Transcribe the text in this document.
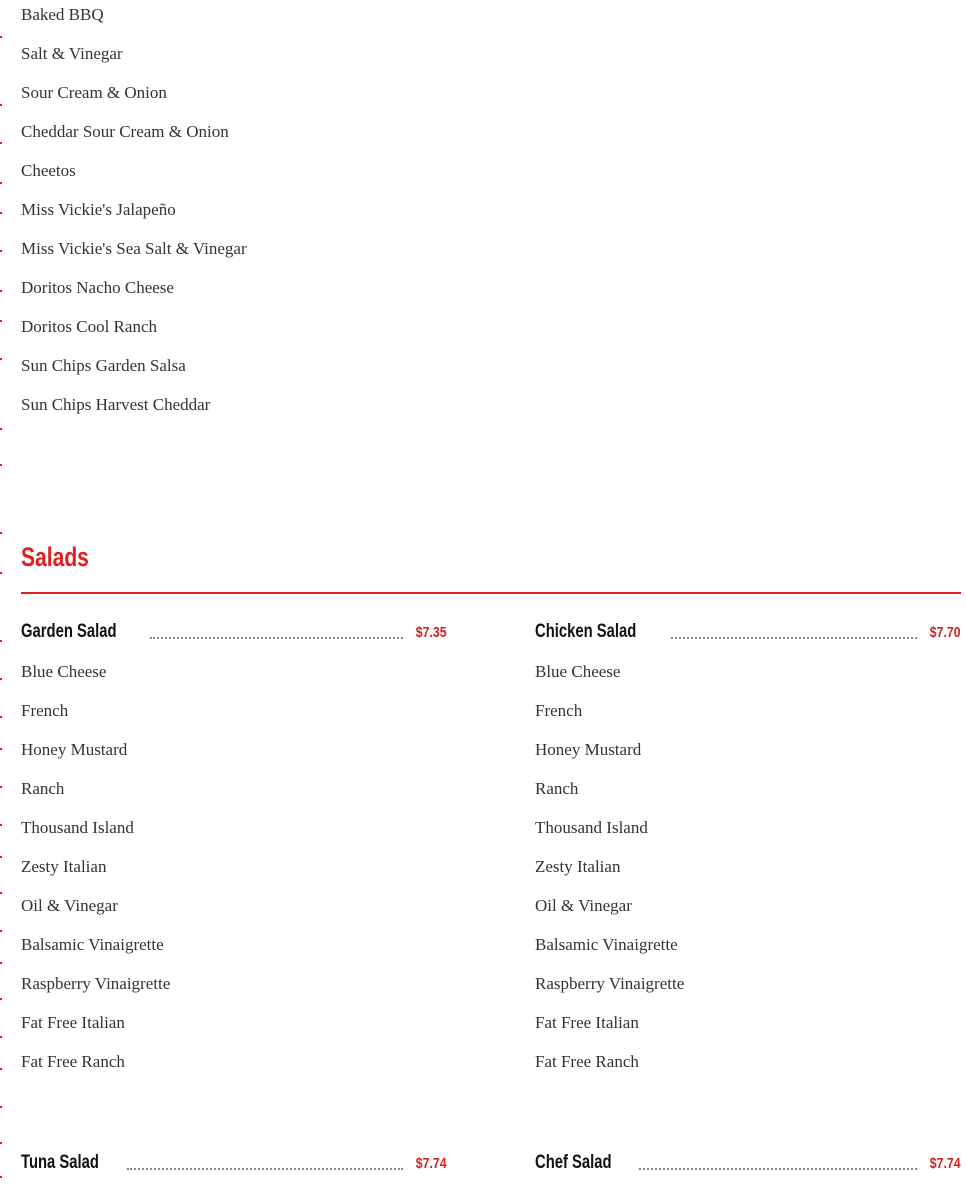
Baked BBQ
Salt & Vinegar
Sour Cream & Onion
Cheddar Sour Cream & Onion
Cheetos
Miss Vickie's Jalapeño
Miss Vickie's Sea Salt & Vinegar
Doritos Nacho Cheese
Doritos Cool Ranch
Sun Chips Garden Salsa
Sun Chips Harvest Cheddar
Salads
Garden Salad	$7.35
Blue Cheese
French
Honey Mustard
Ranch
Thousand Island
Zesty Italian
Oil & Vinegar
Balsamic Vinaigrette
Raspberry Vinaigrette
Fat Free Italian
Fat Free Ranch
Chicken Salad	$7.70
Blue Cheese
French
Honey Mustard
Ranch
Thousand Island
Zesty Italian
Oil & Vinegar
Balsamic Vinaigrette
Raspberry Vinaigrette
Fat Free Italian
Fat Free Ranch
Tuna Salad	$7.74	Chef Salad	$7.74
